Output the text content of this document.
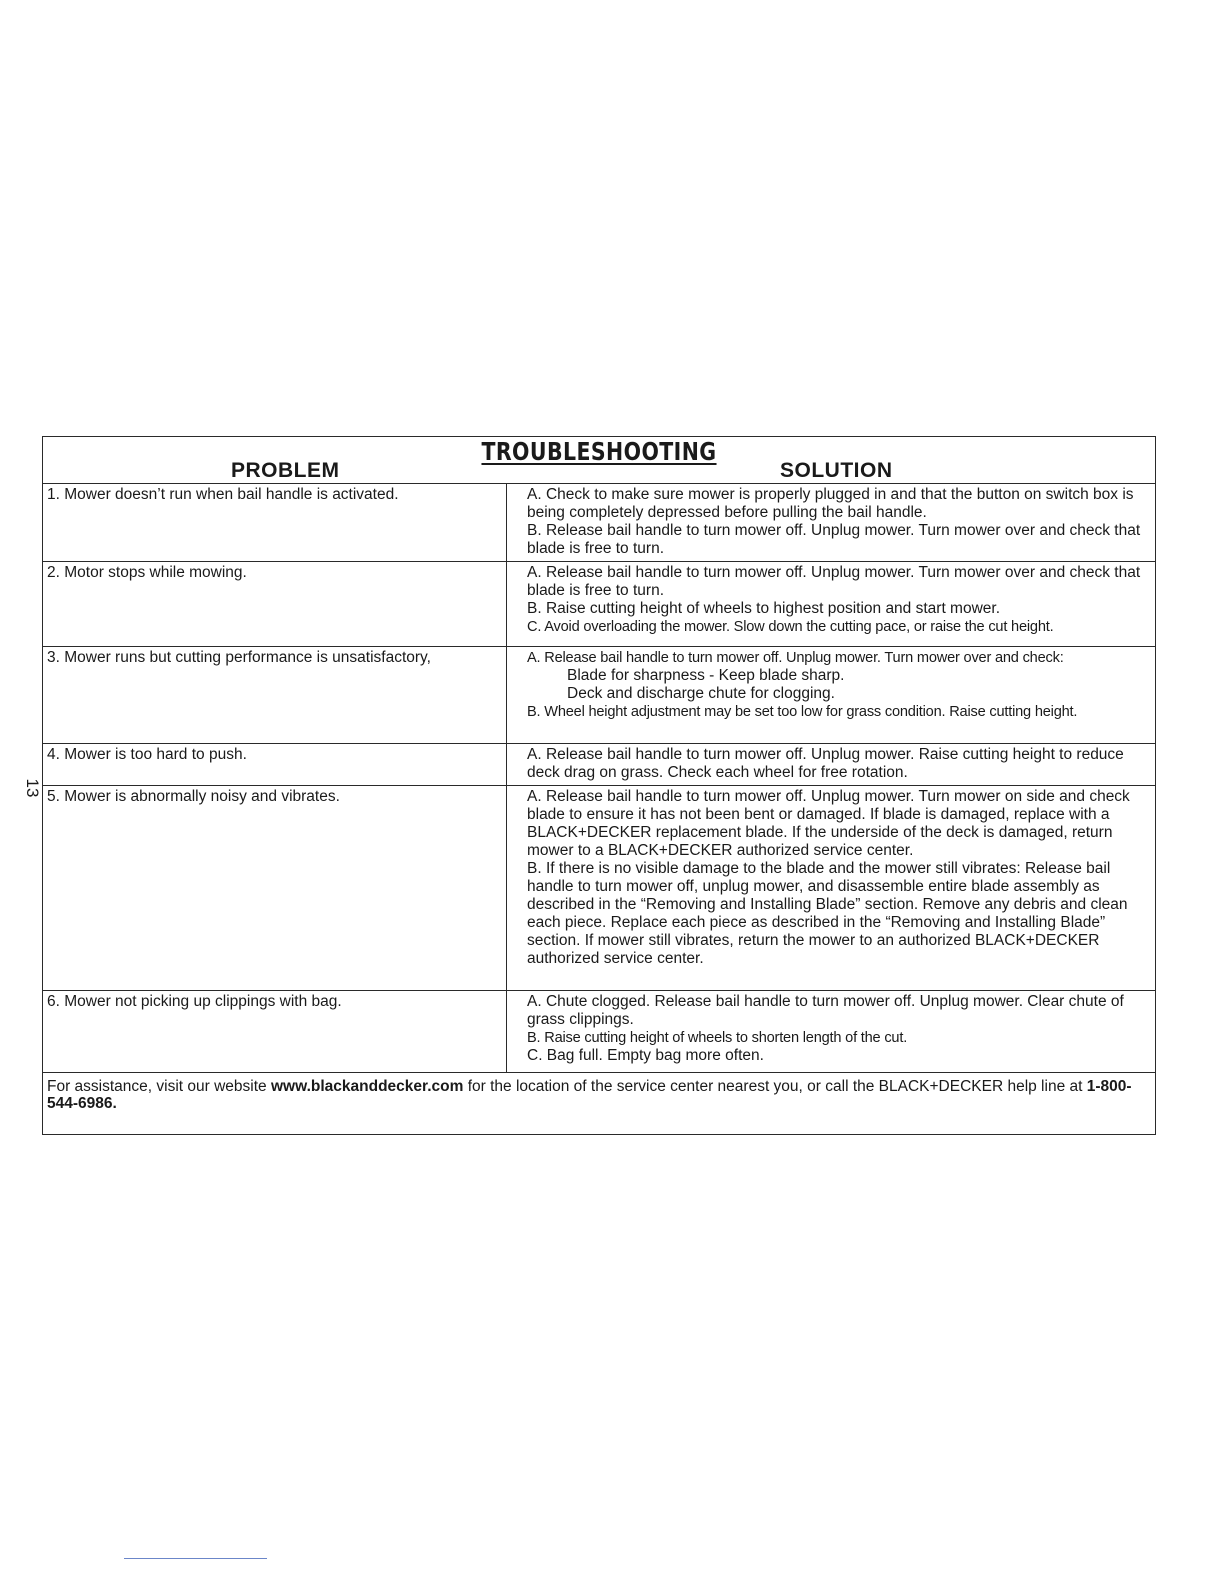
13
TROUBLESHOOTING
PROBLEM	SOLUTION
1. Mower doesn’t run when bail handle is activated.	A. Check to make sure mower is properly plugged in and that the button on switch box is being completely depressed before pulling the bail handle.

B. Release bail handle to turn mower off. Unplug mower. Turn mower over and check that blade is free to turn.

2. Motor stops while mowing.	A. Release bail handle to turn mower off. Unplug mower. Turn mower over and check that blade is free to turn.

B. Raise cutting height of wheels to highest position and start mower.

C. Avoid overloading the mower. Slow down the cutting pace, or raise the cut height.

3. Mower runs but cutting performance is unsatisfactory,	A. Release bail handle to turn mower off. Unplug mower. Turn mower over and check:

Blade for sharpness - Keep blade sharp.

Deck and discharge chute for clogging.

B. Wheel height adjustment may be set too low for grass condition. Raise cutting height.

4. Mower is too hard to push.	A. Release bail handle to turn mower off. Unplug mower. Raise cutting height to reduce deck drag on grass. Check each wheel for free rotation.

5. Mower is abnormally noisy and vibrates.	A. Release bail handle to turn mower off. Unplug mower. Turn mower on side and check blade to ensure it has not been bent or damaged. If blade is damaged, replace with a BLACK+DECKER replacement blade. If the underside of the deck is damaged, return mower to a BLACK+DECKER authorized service center.

B. If there is no visible damage to the blade and the mower still vibrates: Release bail handle to turn mower off, unplug mower, and disassemble entire blade assembly as described in the “Removing and Installing Blade” section. Remove any debris and clean each piece. Replace each piece as described in the “Removing and Installing Blade” section. If mower still vibrates, return the mower to an authorized BLACK+DECKER authorized service center.

6. Mower not picking up clippings with bag.	A. Chute clogged. Release bail handle to turn mower off. Unplug mower. Clear chute of grass clippings.

B. Raise cutting height of wheels to shorten length of the cut.

C. Bag full. Empty bag more often.

For assistance, visit our website www.blackanddecker.com for the location of the service center nearest you, or call the BLACK+DECKER help line at 1-800-544-6986.
